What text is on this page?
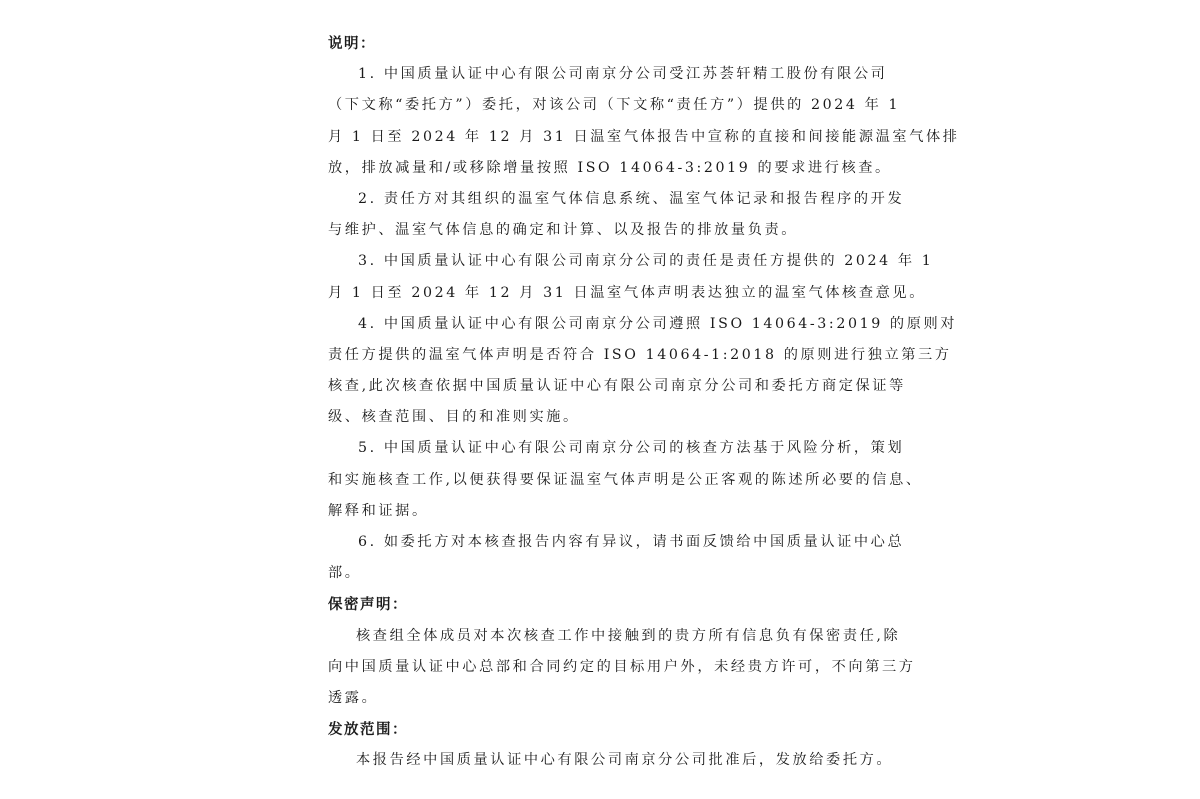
说明：
1. 中国质量认证中心有限公司南京分公司受江苏荟轩精工股份有限公司
（下文称“委托方”）委托，对该公司（下文称“责任方”）提供的 2024 年 1
月 1 日至 2024 年 12 月 31 日温室气体报告中宣称的直接和间接能源温室气体排
放，排放减量和/或移除增量按照 ISO 14064-3:2019 的要求进行核查。
2. 责任方对其组织的温室气体信息系统、温室气体记录和报告程序的开发
与维护、温室气体信息的确定和计算、以及报告的排放量负责。
3. 中国质量认证中心有限公司南京分公司的责任是责任方提供的 2024 年 1
月 1 日至 2024 年 12 月 31 日温室气体声明表达独立的温室气体核查意见。
4. 中国质量认证中心有限公司南京分公司遵照 ISO 14064-3:2019 的原则对
责任方提供的温室气体声明是否符合 ISO 14064-1:2018 的原则进行独立第三方
核查,此次核查依据中国质量认证中心有限公司南京分公司和委托方商定保证等
级、核查范围、目的和准则实施。
5. 中国质量认证中心有限公司南京分公司的核查方法基于风险分析，策划
和实施核查工作,以便获得要保证温室气体声明是公正客观的陈述所必要的信息、
解释和证据。
6. 如委托方对本核查报告内容有异议，请书面反馈给中国质量认证中心总
部。
保密声明：
核查组全体成员对本次核查工作中接触到的贵方所有信息负有保密责任,除
向中国质量认证中心总部和合同约定的目标用户外，未经贵方许可，不向第三方
透露。
发放范围：
本报告经中国质量认证中心有限公司南京分公司批准后，发放给委托方。
